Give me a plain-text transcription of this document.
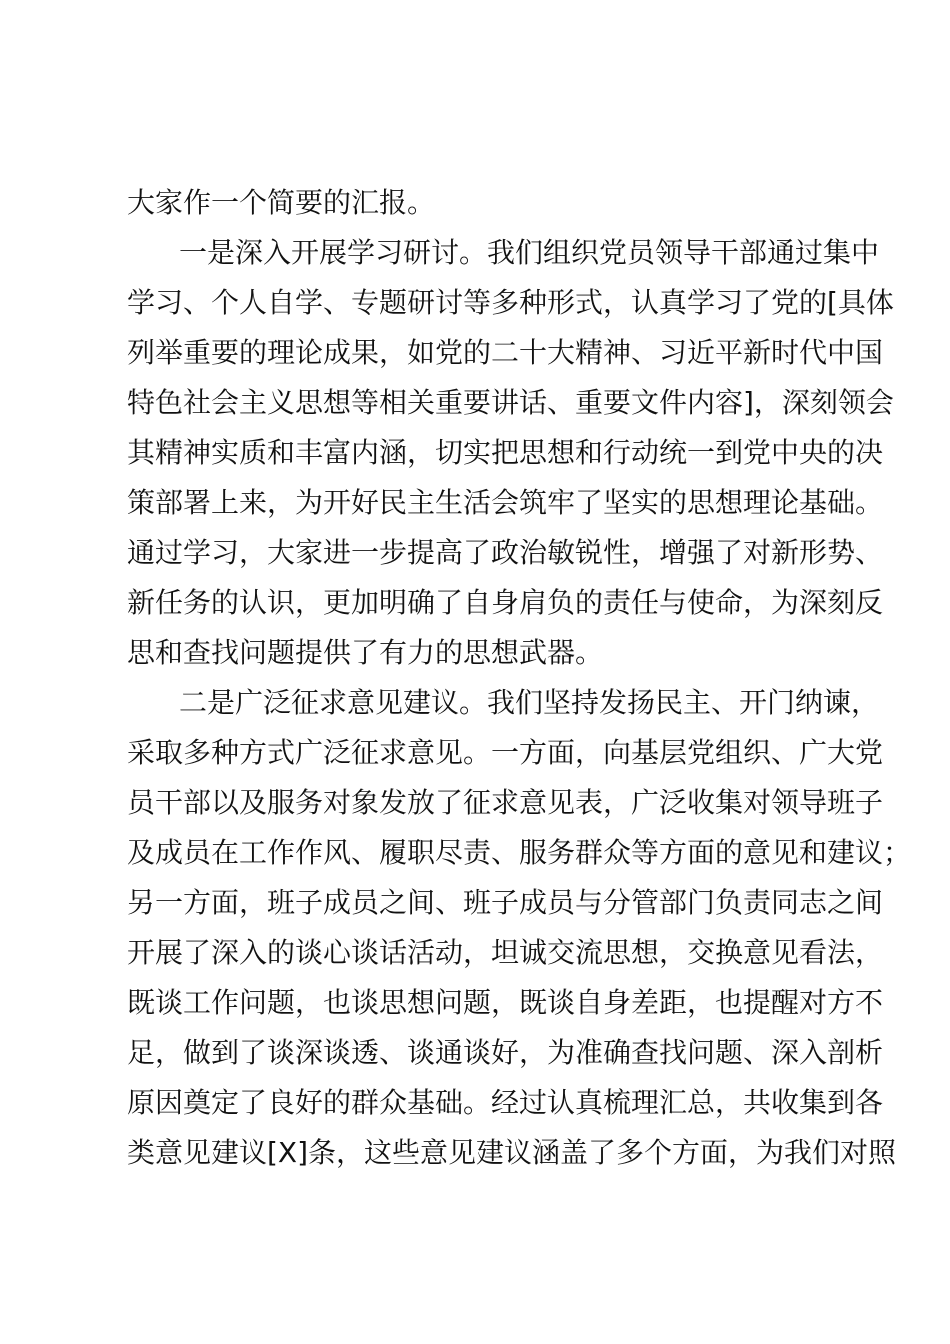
大家作一个简要的汇报。
一是深入开展学习研讨。我们组织党员领导干部通过集中
学习、个人自学、专题研讨等多种形式，认真学习了党的[具体
列举重要的理论成果，如党的二十大精神、习近平新时代中国
特色社会主义思想等相关重要讲话、重要文件内容]，深刻领会
其精神实质和丰富内涵，切实把思想和行动统一到党中央的决
策部署上来，为开好民主生活会筑牢了坚实的思想理论基础。
通过学习，大家进一步提高了政治敏锐性，增强了对新形势、
新任务的认识，更加明确了自身肩负的责任与使命，为深刻反
思和查找问题提供了有力的思想武器。
二是广泛征求意见建议。我们坚持发扬民主、开门纳谏，
采取多种方式广泛征求意见。一方面，向基层党组织、广大党
员干部以及服务对象发放了征求意见表，广泛收集对领导班子
及成员在工作作风、履职尽责、服务群众等方面的意见和建议；
另一方面，班子成员之间、班子成员与分管部门负责同志之间
开展了深入的谈心谈话活动，坦诚交流思想，交换意见看法，
既谈工作问题，也谈思想问题，既谈自身差距，也提醒对方不
足，做到了谈深谈透、谈通谈好，为准确查找问题、深入剖析
原因奠定了良好的群众基础。经过认真梳理汇总，共收集到各
类意见建议[X]条，这些意见建议涵盖了多个方面，为我们对照
